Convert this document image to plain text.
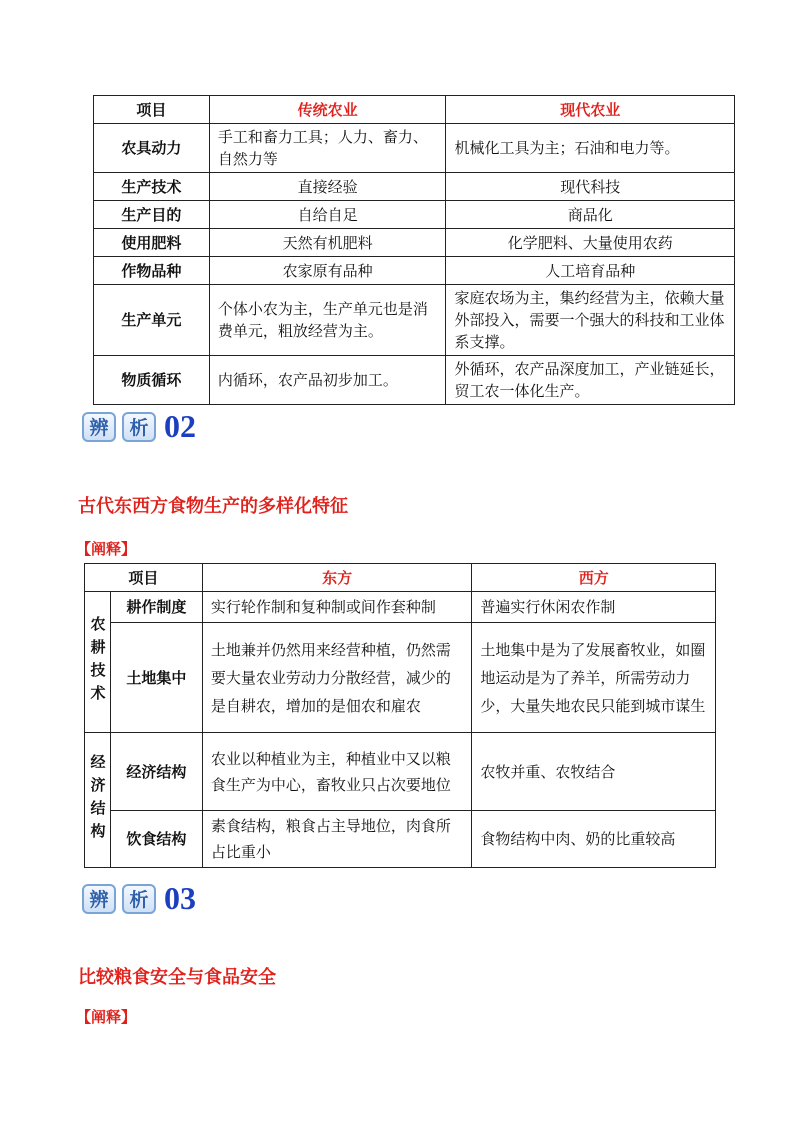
项目	传统农业	现代农业
农具动力	手工和畜力工具；人力、畜力、自然力等	机械化工具为主；石油和电力等。
生产技术	直接经验	现代科技
生产目的	自给自足	商品化
使用肥料	天然有机肥料	化学肥料、大量使用农药
作物品种	农家原有品种	人工培育品种
生产单元	个体小农为主，生产单元也是消费单元，粗放经营为主。	家庭农场为主，集约经营为主，依赖大量外部投入，需要一个强大的科技和工业体系支撑。
物质循环	内循环，农产品初步加工。	外循环，农产品深度加工，产业链延长，贸工农一体化生产。
辨	析 02
古代东西方食物生产的多样化特征
【阐释】
项目		东方	西方
农耕技术	耕作制度	实行轮作制和复种制或间作套种制	普遍实行休闲农作制
	土地集中	土地兼并仍然用来经营种植，仍然需要大量农业劳动力分散经营，减少的是自耕农，增加的是佃农和雇农	土地集中是为了发展畜牧业，如圈地运动是为了养羊，所需劳动力少，大量失地农民只能到城市谋生
经济结构	经济结构	农业以种植业为主，种植业中又以粮食生产为中心，畜牧业只占次要地位	农牧并重、农牧结合
	饮食结构	素食结构，粮食占主导地位，肉食所占比重小	食物结构中肉、奶的比重较高
辨	析 03
比较粮食安全与食品安全
【阐释】
